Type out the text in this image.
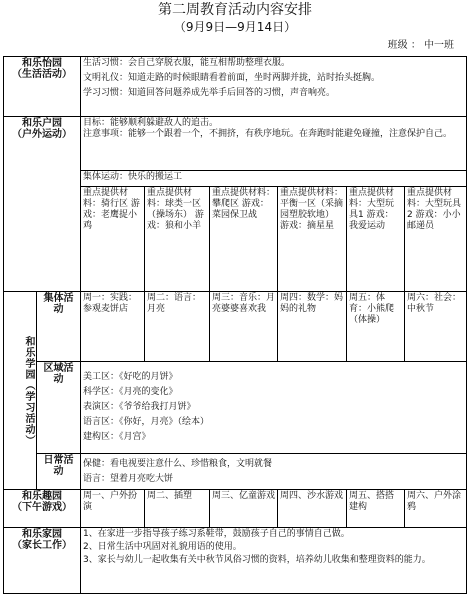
第二周教育活动内容安排
（9月9日—9月14日）
班级 ： 中一班
和乐怡园
（生活活动）		生活习惯：会自己穿脱衣服，能互相帮助整理衣服。
文明礼仪：知道走路的时候眼睛看着前面，坐时两脚并拢，站时抬头挺胸。
学习习惯：知道回答问题养成先举手后回答的习惯，声音响亮。					

和乐户园
（户外运动）		目标：能够顺利躲避敌人的追击。
注意事项：能够一个跟着一个，不拥挤，有秩序地玩。在奔跑时能避免碰撞，注意保护自己。					

		集体运动：快乐的搬运工					

		重点提供材料：骑行区 游戏：老鹰捉小鸡	重点提供材料：球类一区（操场东） 游戏：狼和小羊	重点提供材料：攀爬区 游戏：菜园保卫战	重点提供材料：平衡一区（采摘园塑胶软地） 游戏：摘星星	重点提供材料：大型玩具1 游戏：我爱运动	重点提供材料：大型玩具2 游戏：小小邮递员

和乐学园（学习活动）	集体活动	周一：实践：参观麦饼店	周二：语言：月亮	周三：音乐：月亮婆婆喜欢我	周四：数学：妈妈的礼物	周五：体育：小熊爬（体操）	周六：社会：中秋节

	区域活动	美工区：《好吃的月饼》
科学区：《月亮的变化》
表演区：《爷爷给我打月饼》
语言区：《你好，月亮》（绘本）
建构区：《月宫》					

	日常活动	保健：看电视要注意什么、珍惜粮食，文明就餐
语言：望着月亮吃大饼					

和乐趣园
（下午游戏）		周一、户外扮演	周二、插塑	周三、亿童游戏	周四、沙水游戏	周五、搭搭建构	周六、户外涂鸦

和乐家园
（家长工作）		1、在家进一步指导孩子练习系鞋带，鼓励孩子自己的事情自己做。
2、日常生活中巩固对礼貌用语的使用。
3、家长与幼儿一起收集有关中秋节风俗习惯的资料，培养幼儿收集和整理资料的能力。					
